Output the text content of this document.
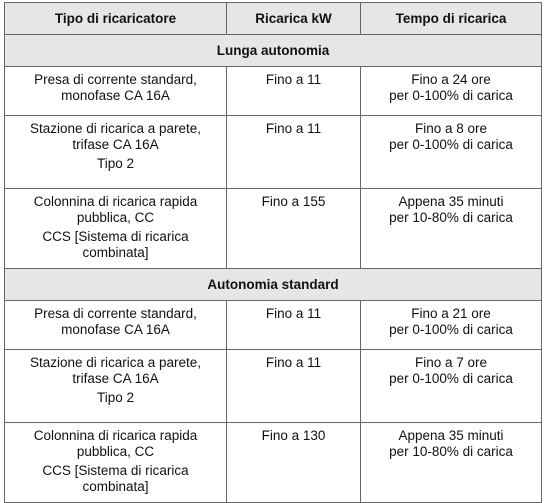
Tipo di ricaricatore	Ricarica kW	Tempo di ricarica
Lunga autonomia		

Presa di corrente standard,
monofase CA 16A	Fino a 11	Fino a 24 ore
per 0-100% di carica

Stazione di ricarica a parete,
trifase CA 16A
Tipo 2	Fino a 11	Fino a 8 ore
per 0-100% di carica

Colonnina di ricarica rapida
pubblica, CC
CCS [Sistema di ricarica
combinata]	Fino a 155	Appena 35 minuti
per 10-80% di carica

Autonomia standard		

Presa di corrente standard,
monofase CA 16A	Fino a 11	Fino a 21 ore
per 0-100% di carica

Stazione di ricarica a parete,
trifase CA 16A
Tipo 2	Fino a 11	Fino a 7 ore
per 0-100% di carica

Colonnina di ricarica rapida
pubblica, CC
CCS [Sistema di ricarica
combinata]	Fino a 130	Appena 35 minuti
per 10-80% di carica
